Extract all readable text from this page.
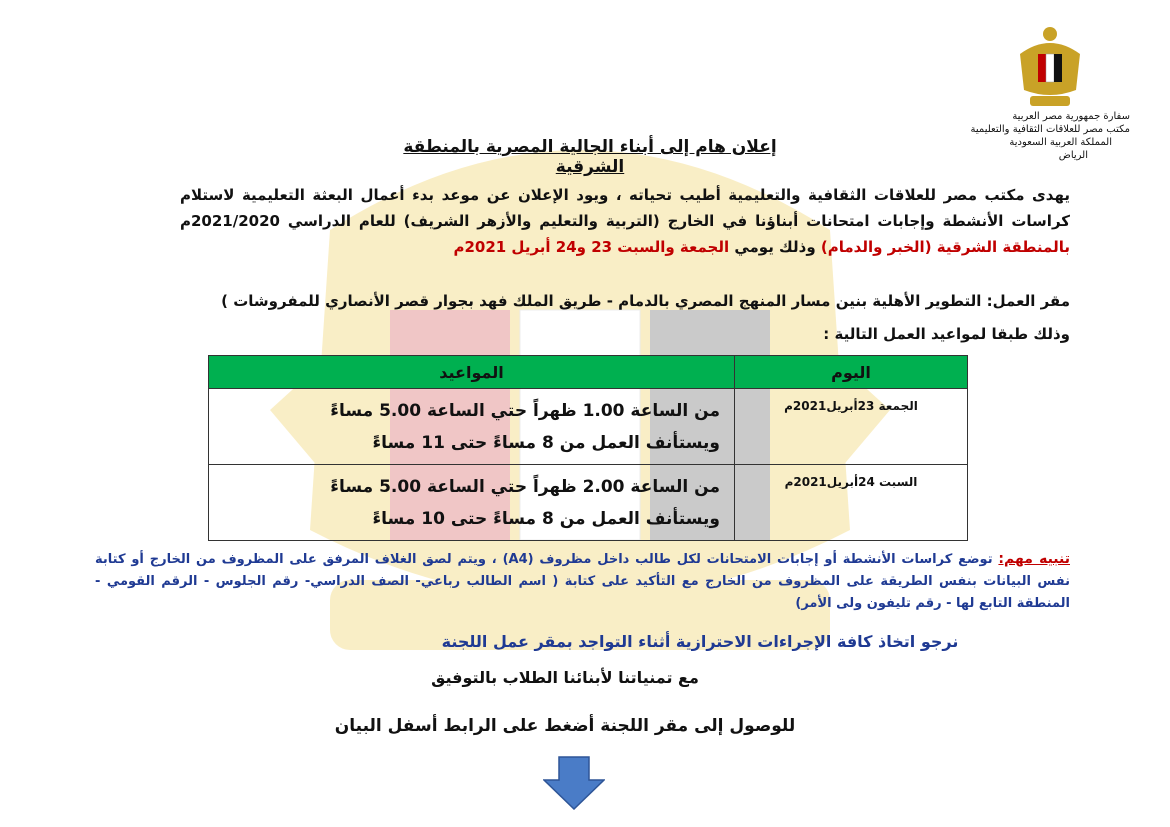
سفارة جمهورية مصر العربية
مكتب مصر للعلاقات الثقافية والتعليمية
المملكة العربية السعودية
الرياض
إعلان هام إلى أبناء الجالية المصرية بالمنطقة الشرقية
يهدى مكتب مصر للعلاقات الثقافية والتعليمية أطيب تحياته ، ويود الإعلان عن موعد بدء أعمال البعثة التعليمية لاستلام كراسات الأنشطة وإجابات امتحانات أبناؤنا في الخارج (التربية والتعليم والأزهر الشريف) للعام الدراسي 2021/2020م بالمنطقة الشرقية (الخبر والدمام) وذلك يومي الجمعة والسبت 23 و24 أبريل 2021م
مقر العمل: التطوير الأهلية بنين مسار المنهج المصري بالدمام - طريق الملك فهد بجوار قصر الأنصاري للمفروشات )
وذلك طبقا لمواعيد العمل التالية :
اليوم	المواعيد
الجمعة 23أبريل2021م	من الساعة 1.00 ظهراً حتي الساعة 5.00 مساءً
ويستأنف العمل من 8 مساءً حتى 11 مساءً

السبت 24أبريل2021م	من الساعة 2.00 ظهراً حتي الساعة 5.00 مساءً
ويستأنف العمل من 8 مساءً حتى 10 مساءً
تنبيه مهم: توضع كراسات الأنشطة أو إجابات الامتحانات لكل طالب داخل مظروف (A4) ، ويتم لصق الغلاف المرفق على المظروف من الخارج أو كتابة نفس البيانات بنفس الطريقة على المظروف من الخارج مع التأكيد على كتابة ( اسم الطالب رباعي- الصف الدراسي- رقم الجلوس - الرقم القومي - المنطقة التابع لها - رقم تليفون ولى الأمر)
نرجو اتخاذ كافة الإجراءات الاحترازية أثناء التواجد بمقر عمل اللجنة
مع تمنياتنا لأبنائنا الطلاب بالتوفيق
للوصول إلى مقر اللجنة أضغط على الرابط أسفل البيان
